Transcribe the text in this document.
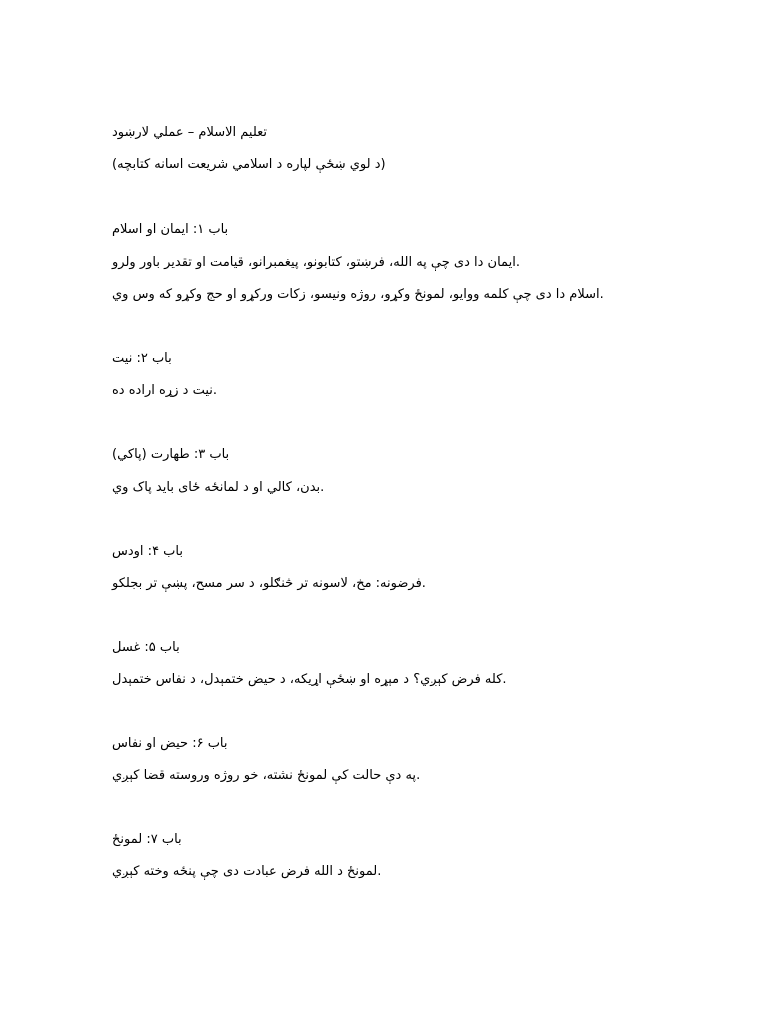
تعليم الاسلام – عملي لارښود
(د لوي ښځې لپاره د اسلامي شريعت اسانه کتابچه)
باب ۱: ايمان او اسلام
ايمان دا دی چې په الله، فرښتو، کتابونو، پيغمبرانو، قيامت او تقدير باور ولرو.
اسلام دا دی چې کلمه ووايو، لمونځ وکړو، روژه ونيسو، زکات ورکړو او حج وکړو که وس وي.
باب ۲: نيت
نيت د زړه اراده ده.
باب ۳: طهارت (پاکي)
بدن، کالي او د لمانځه ځای بايد پاک وي.
باب ۴: اودس
فرضونه: مخ، لاسونه تر څنګلو، د سر مسح، پښې تر بجلکو.
باب ۵: غسل
کله فرض کېږي؟ د مېړه او ښځې اړيکه، د حيض ختمېدل، د نفاس ختمېدل.
باب ۶: حيض او نفاس
په دې حالت کې لمونځ نشته، خو روژه وروسته قضا کېږي.
باب ۷: لمونځ
لمونځ د الله فرض عبادت دی چې پنځه وخته کېږي.
